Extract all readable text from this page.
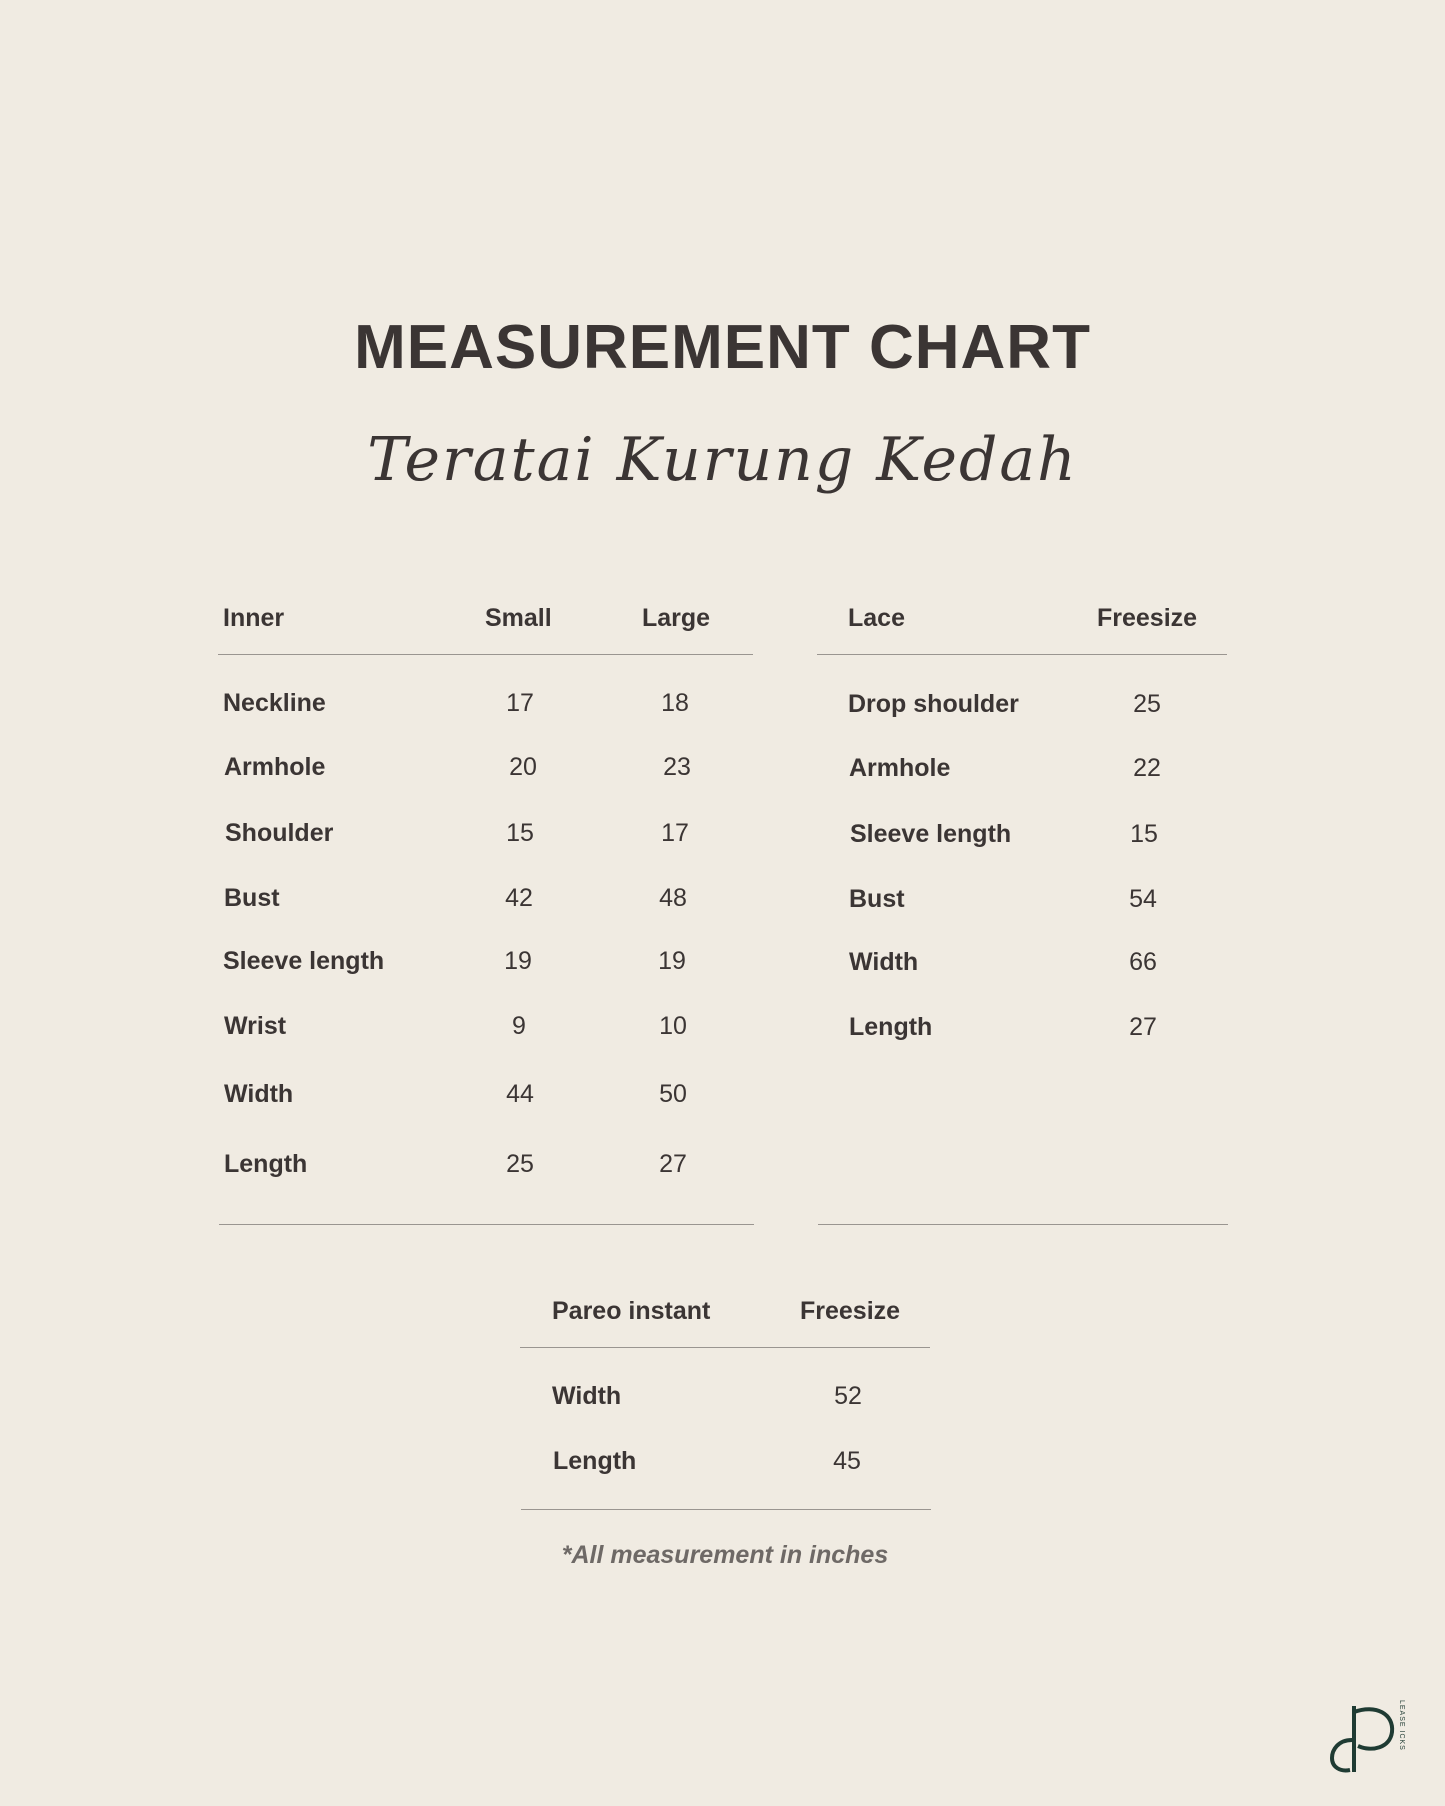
MEASUREMENT CHART
Teratai Kurung Kedah
Inner	Small	Large
Neckline	17	18
Armhole	20	23
Shoulder	15	17
Bust	42	48
Sleeve length	19	19
Wrist	9	10
Width	44	50
Length	25	27
Lace	Freesize
Drop shoulder	25
Armhole	22
Sleeve length	15
Bust	54
Width	66
Length	27
Pareo instant	Freesize
Width	52
Length	45
*All measurement in inches
LEASE ICKS
